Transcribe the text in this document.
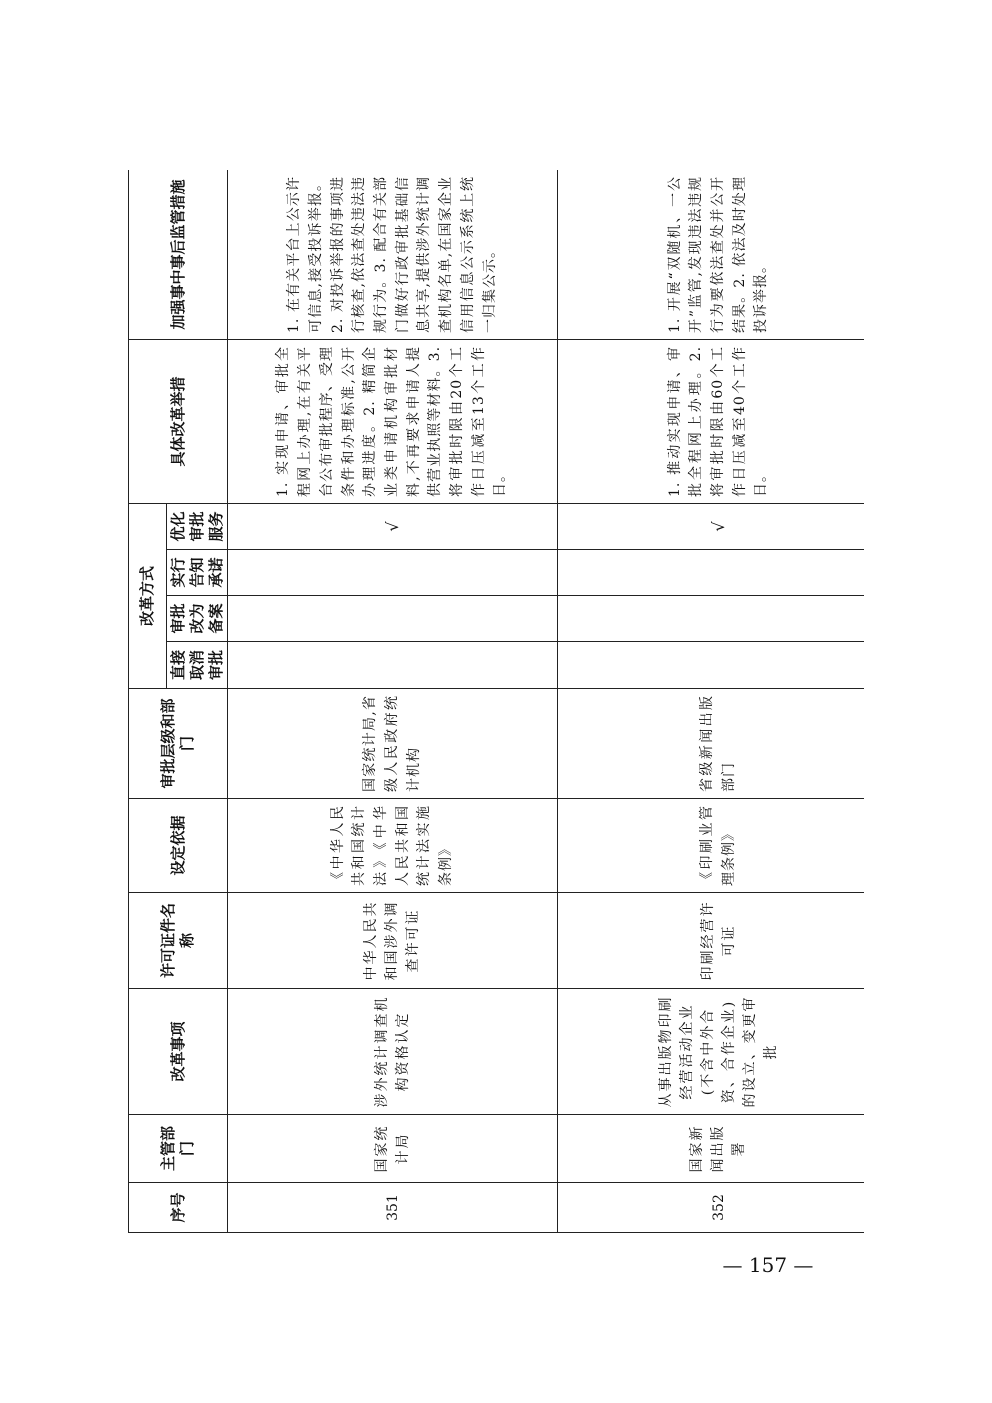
序号	主管部门	改革事项	许可证件名称	设定依据	审批层级和部门	改革方式				具体改革举措	加强事中事后监管措施
						直接取消审批	审批改为备案	实行告知承诺	优化审批服务		
351	国家统计局	涉外统计调查机构资格认定	中华人民共和国涉外调查许可证	《中华人民共和国统计法》《中华人民共和国统计法实施条例》	国家统计局,省级人民政府统计机构				√	1. 实现申请、审批全程网上办理,在有关平台公布审批程序、受理条件和办理标准,公开办理进度。2. 精简企业类申请机构审批材料,不再要求申请人提供营业执照等材料。3. 将审批时限由20个工作日压减至13个工作日。	1. 在有关平台上公示许可信息,接受投诉举报。2. 对投诉举报的事项进行核查,依法查处违法违规行为。3. 配合有关部门做好行政审批基础信息共享,提供涉外统计调查机构名单,在国家企业信用信息公示系统上统一归集公示。
352	国家新闻出版署	从事出版物印刷经营活动企业(不含中外合资、合作企业)的设立、变更审批	印刷经营许可证	《印刷业管理条例》	省级新闻出版部门				√	1. 推动实现申请、审批全程网上办理。2. 将审批时限由60个工作日压减至40个工作日。	1. 开展“双随机、一公开”监管,发现违法违规行为要依法查处并公开结果。2. 依法及时处理投诉举报。
— 157 —
